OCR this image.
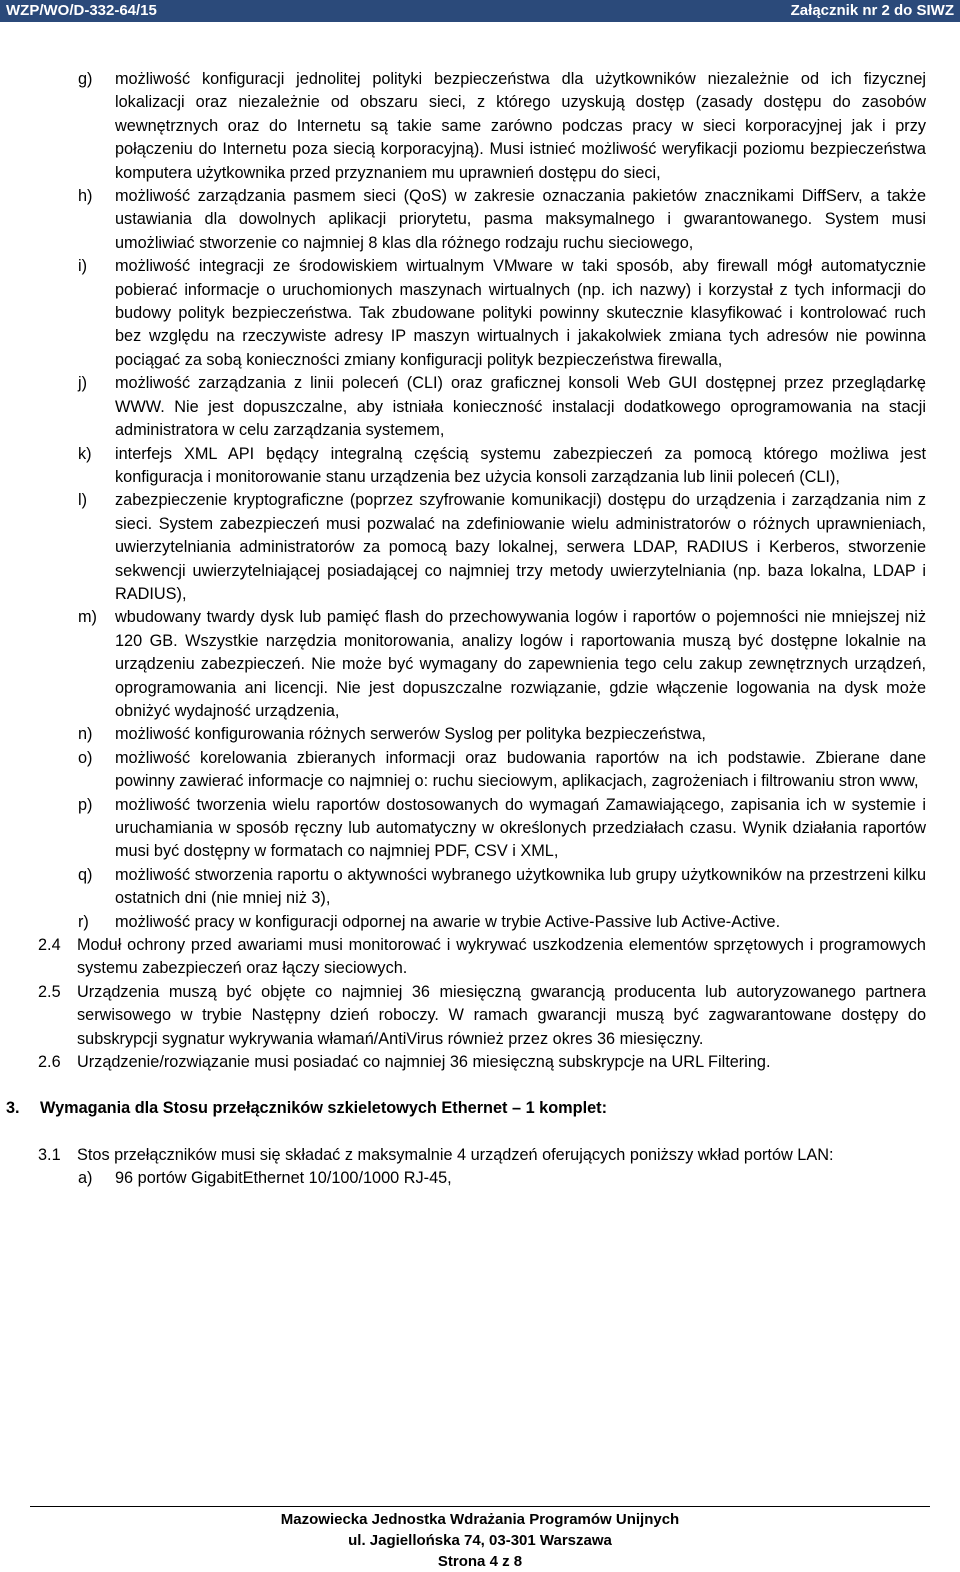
WZP/WO/D-332-64/15	Załącznik nr 2 do SIWZ
g) możliwość konfiguracji jednolitej polityki bezpieczeństwa dla użytkowników niezależnie od ich fizycznej lokalizacji oraz niezależnie od obszaru sieci, z którego uzyskują dostęp (zasady dostępu do zasobów wewnętrznych oraz do Internetu są takie same zarówno podczas pracy w sieci korporacyjnej jak i przy połączeniu do Internetu poza siecią korporacyjną). Musi istnieć możliwość weryfikacji poziomu bezpieczeństwa komputera użytkownika przed przyznaniem mu uprawnień dostępu do sieci,
h) możliwość zarządzania pasmem sieci (QoS) w zakresie oznaczania pakietów znacznikami DiffServ, a także ustawiania dla dowolnych aplikacji priorytetu, pasma maksymalnego i gwarantowanego. System musi umożliwiać stworzenie co najmniej 8 klas dla różnego rodzaju ruchu sieciowego,
i) możliwość integracji ze środowiskiem wirtualnym VMware w taki sposób, aby firewall mógł automatycznie pobierać informacje o uruchomionych maszynach wirtualnych (np. ich nazwy) i korzystał z tych informacji do budowy polityk bezpieczeństwa. Tak zbudowane polityki powinny skutecznie klasyfikować i kontrolować ruch bez względu na rzeczywiste adresy IP maszyn wirtualnych i jakakolwiek zmiana tych adresów nie powinna pociągać za sobą konieczności zmiany konfiguracji polityk bezpieczeństwa firewalla,
j) możliwość zarządzania z linii poleceń (CLI) oraz graficznej konsoli Web GUI dostępnej przez przeglądarkę WWW. Nie jest dopuszczalne, aby istniała konieczność instalacji dodatkowego oprogramowania na stacji administratora w celu zarządzania systemem,
k) interfejs XML API będący integralną częścią systemu zabezpieczeń za pomocą którego możliwa jest konfiguracja i monitorowanie stanu urządzenia bez użycia konsoli zarządzania lub linii poleceń (CLI),
l) zabezpieczenie kryptograficzne (poprzez szyfrowanie komunikacji) dostępu do urządzenia i zarządzania nim z sieci. System zabezpieczeń musi pozwalać na zdefiniowanie wielu administratorów o różnych uprawnieniach, uwierzytelniania administratorów za pomocą bazy lokalnej, serwera LDAP, RADIUS i Kerberos, stworzenie sekwencji uwierzytelniającej posiadającej co najmniej trzy metody uwierzytelniania (np. baza lokalna, LDAP i RADIUS),
m) wbudowany twardy dysk lub pamięć flash do przechowywania logów i raportów o pojemności nie mniejszej niż 120 GB. Wszystkie narzędzia monitorowania, analizy logów i raportowania muszą być dostępne lokalnie na urządzeniu zabezpieczeń. Nie może być wymagany do zapewnienia tego celu zakup zewnętrznych urządzeń, oprogramowania ani licencji. Nie jest dopuszczalne rozwiązanie, gdzie włączenie logowania na dysk może obniżyć wydajność urządzenia,
n) możliwość konfigurowania różnych serwerów Syslog per polityka bezpieczeństwa,
o) możliwość korelowania zbieranych informacji oraz budowania raportów na ich podstawie. Zbierane dane powinny zawierać informacje co najmniej o: ruchu sieciowym, aplikacjach, zagrożeniach i filtrowaniu stron www,
p) możliwość tworzenia wielu raportów dostosowanych do wymagań Zamawiającego, zapisania ich w systemie i uruchamiania w sposób ręczny lub automatyczny w określonych przedziałach czasu. Wynik działania raportów musi być dostępny w formatach co najmniej PDF, CSV i XML,
q) możliwość stworzenia raportu o aktywności wybranego użytkownika lub grupy użytkowników na przestrzeni kilku ostatnich dni (nie mniej niż 3),
r) możliwość pracy w konfiguracji odpornej na awarie w trybie Active-Passive lub Active-Active.
2.4 Moduł ochrony przed awariami musi monitorować i wykrywać uszkodzenia elementów sprzętowych i programowych systemu zabezpieczeń oraz łączy sieciowych.
2.5 Urządzenia muszą być objęte co najmniej 36 miesięczną gwarancją producenta lub autoryzowanego partnera serwisowego w trybie Następny dzień roboczy. W ramach gwarancji muszą być zagwarantowane dostępy do subskrypcji sygnatur wykrywania włamań/AntiVirus również przez okres 36 miesięczny.
2.6 Urządzenie/rozwiązanie musi posiadać co najmniej 36 miesięczną subskrypcje na URL Filtering.
3. Wymagania dla Stosu przełączników szkieletowych Ethernet – 1 komplet:
3.1 Stos przełączników musi się składać z maksymalnie 4 urządzeń oferujących poniższy wkład portów LAN:
a) 96 portów GigabitEthernet 10/100/1000 RJ-45,
Mazowiecka Jednostka Wdrażania Programów Unijnych
ul. Jagiellońska 74, 03-301 Warszawa
Strona 4 z 8
